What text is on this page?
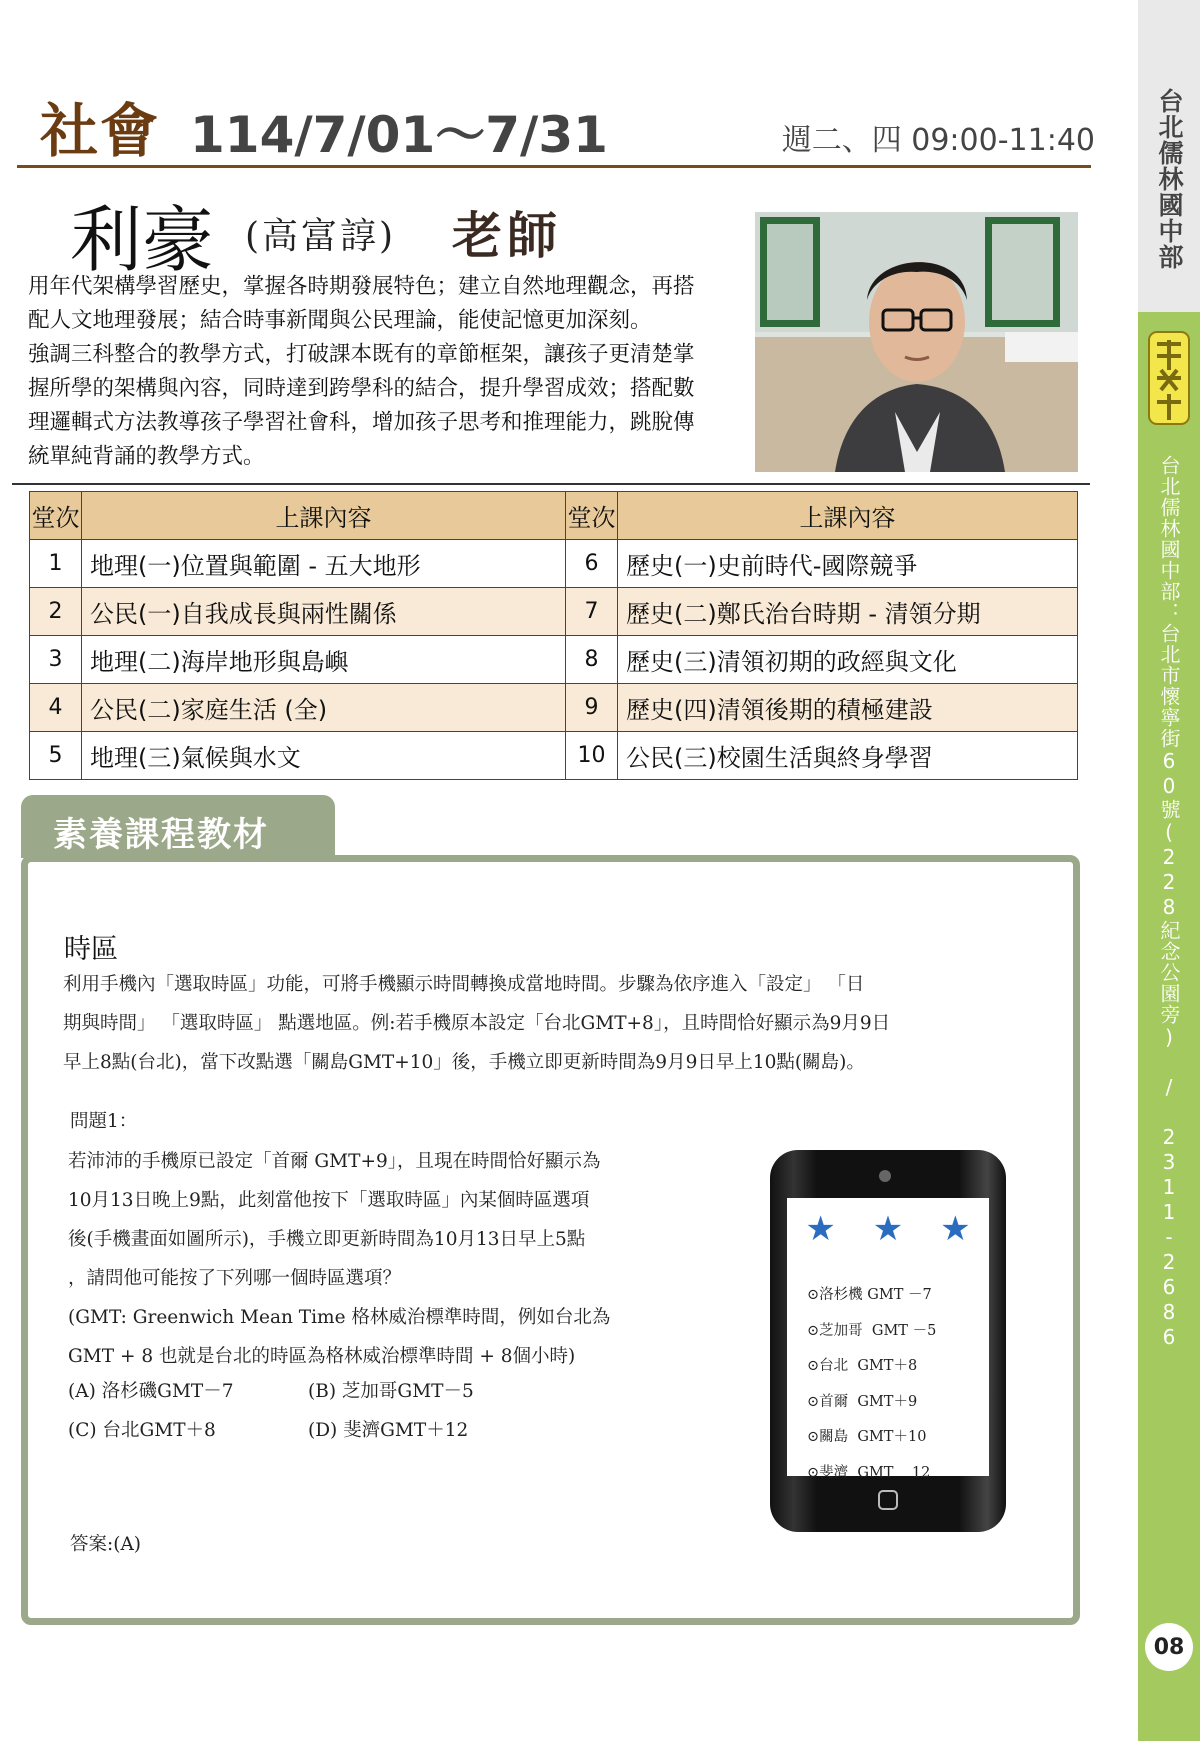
台北儒林國中部
台北儒林國中部：台北市懷寧街60號(228紀念公園旁) / 2311-2686
08
社會 114/7/01～7/31	週二、四 09:00-11:40
利豪 (高富諄) 老師
用年代架構學習歷史，掌握各時期發展特色；建立自然地理觀念，再搭
配人文地理發展；結合時事新聞與公民理論，能使記憶更加深刻。
強調三科整合的教學方式，打破課本既有的章節框架，讓孩子更清楚掌
握所學的架構與內容，同時達到跨學科的結合，提升學習成效；搭配數
理邏輯式方法教導孩子學習社會科，增加孩子思考和推理能力，跳脫傳
統單純背誦的教學方式。
堂次	上課內容	堂次	上課內容
1	地理(一)位置與範圍 - 五大地形	6	歷史(一)史前時代-國際競爭
2	公民(一)自我成長與兩性關係	7	歷史(二)鄭氏治台時期 - 清領分期
3	地理(二)海岸地形與島嶼	8	歷史(三)清領初期的政經與文化
4	公民(二)家庭生活 (全)	9	歷史(四)清領後期的積極建設
5	地理(三)氣候與水文	10	公民(三)校園生活與終身學習
素養課程教材
時區
利用手機內「選取時區」功能，可將手機顯示時間轉換成當地時間。步驟為依序進入「設定」 「日
期與時間」 「選取時區」 點選地區。例:若手機原本設定「台北GMT+8」，且時間恰好顯示為9月9日
早上8點(台北)，當下改點選「關島GMT+10」後，手機立即更新時間為9月9日早上10點(關島)。
問題1：
若沛沛的手機原已設定「首爾 GMT+9」，且現在時間恰好顯示為
10月13日晚上9點，此刻當他按下「選取時區」內某個時區選項
後(手機畫面如圖所示)，手機立即更新時間為10月13日早上5點
，請問他可能按了下列哪一個時區選項？
(GMT: Greenwich Mean Time 格林威治標準時間，例如台北為
GMT + 8 也就是台北的時區為格林威治標準時間 + 8個小時)
(A) 洛杉磯GMT－7	(B) 芝加哥GMT－5
(C) 台北GMT＋8	(D) 斐濟GMT＋12
答案:(A)
★ ★ ★
⊙洛杉機 GMT －7
⊙芝加哥  GMT －5
⊙台北  GMT＋8
⊙首爾  GMT＋9
⊙關島  GMT＋10
⊙斐濟  GMT    12
